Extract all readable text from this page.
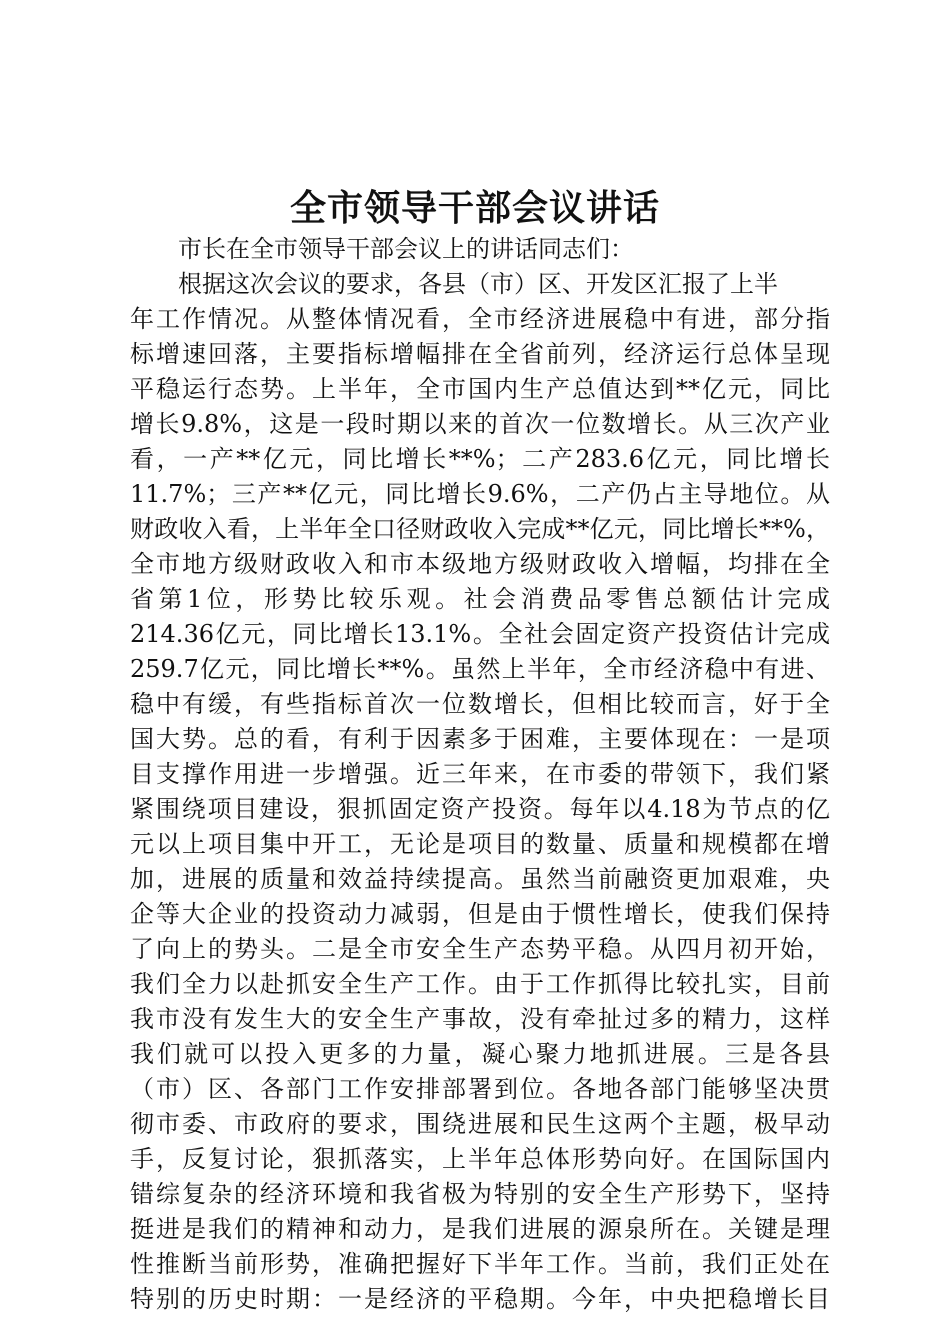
全市领导干部会议讲话
市长在全市领导干部会议上的讲话同志们：
根据这次会议的要求，各县（市）区、开发区汇报了上半
年工作情况。从整体情况看，全市经济进展稳中有进，部分指
标增速回落，主要指标增幅排在全省前列，经济运行总体呈现
平稳运行态势。上半年，全市国内生产总值达到**亿元，同比
增长9.8%，这是一段时期以来的首次一位数增长。从三次产业
看，一产**亿元，同比增长**%；二产283.6亿元，同比增长
11.7%；三产**亿元，同比增长9.6%，二产仍占主导地位。从
财政收入看，上半年全口径财政收入完成**亿元，同比增长**%，
全市地方级财政收入和市本级地方级财政收入增幅，均排在全
省第1位，形势比较乐观。社会消费品零售总额估计完成
214.36亿元，同比增长13.1%。全社会固定资产投资估计完成
259.7亿元，同比增长**%。虽然上半年，全市经济稳中有进、
稳中有缓，有些指标首次一位数增长，但相比较而言，好于全
国大势。总的看，有利于因素多于困难，主要体现在：一是项
目支撑作用进一步增强。近三年来，在市委的带领下，我们紧
紧围绕项目建设，狠抓固定资产投资。每年以4.18为节点的亿
元以上项目集中开工，无论是项目的数量、质量和规模都在增
加，进展的质量和效益持续提高。虽然当前融资更加艰难，央
企等大企业的投资动力减弱，但是由于惯性增长，使我们保持
了向上的势头。二是全市安全生产态势平稳。从四月初开始，
我们全力以赴抓安全生产工作。由于工作抓得比较扎实，目前
我市没有发生大的安全生产事故，没有牵扯过多的精力，这样
我们就可以投入更多的力量，凝心聚力地抓进展。三是各县
（市）区、各部门工作安排部署到位。各地各部门能够坚决贯
彻市委、市政府的要求，围绕进展和民生这两个主题，极早动
手，反复讨论，狠抓落实，上半年总体形势向好。在国际国内
错综复杂的经济环境和我省极为特别的安全生产形势下，坚持
挺进是我们的精神和动力，是我们进展的源泉所在。关键是理
性推断当前形势，准确把握好下半年工作。当前，我们正处在
特别的历史时期：一是经济的平稳期。今年，中央把稳增长目
